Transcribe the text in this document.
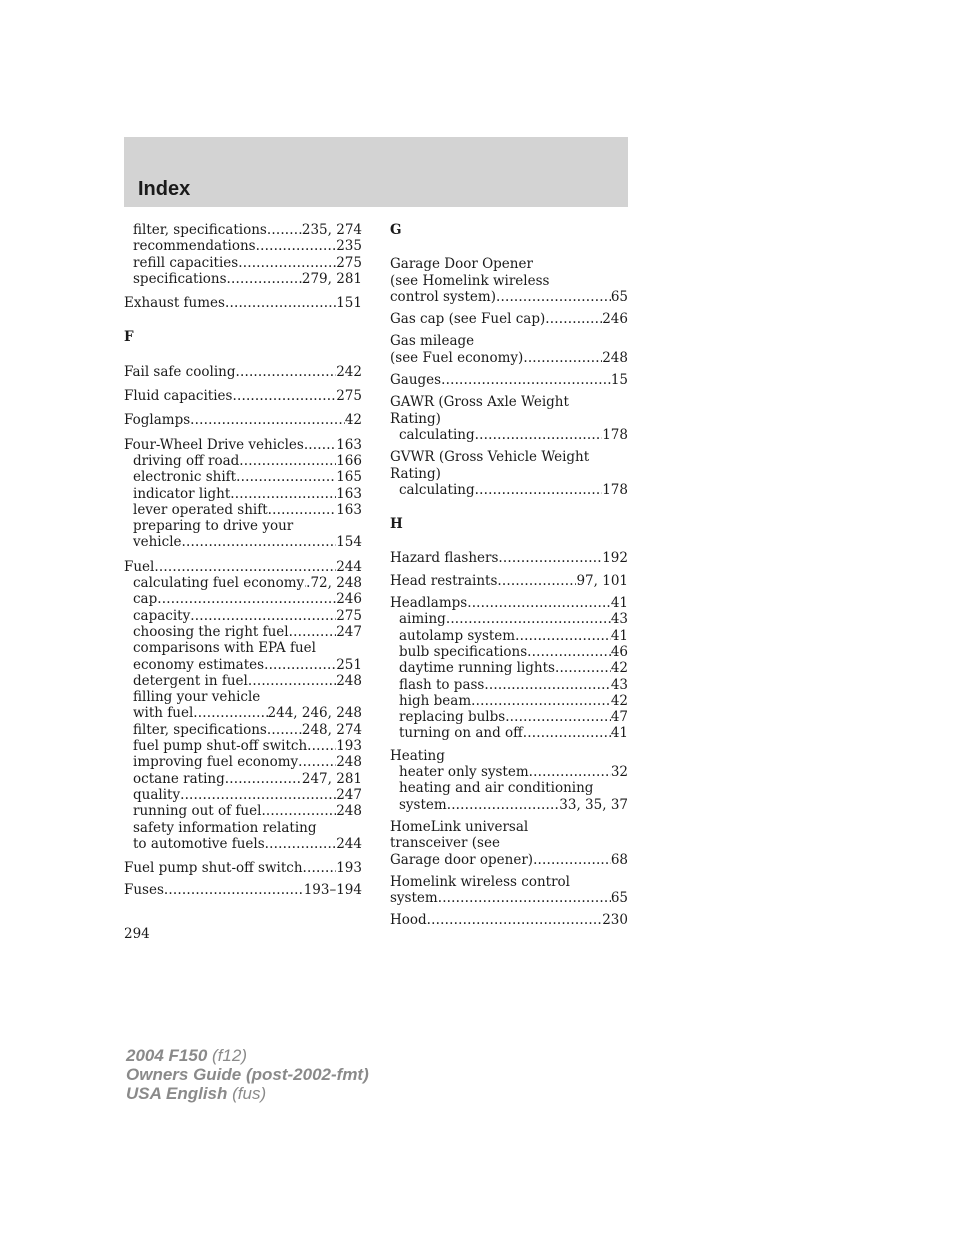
Index
filter, specifications .....	235, 274
recommendations .....	235
refill capacities .....	275
specifications .....	279, 281
Exhaust fumes .....	151
F
Fail safe cooling .....	242
Fluid capacities .....	275
Foglamps .....	42
Four-Wheel Drive vehicles ..... 163
driving off road .....	166
electronic shift .....	165
indicator light .....	163
lever operated shift .....	163
preparing to drive your
vehicle .....	154
Fuel .....	244
calculating fuel economy ..... .72, 248
cap .....	246
capacity .....	275
choosing the right fuel .....	247
comparisons with EPA fuel
economy estimates .....	251
detergent in fuel .....	248
filling your vehicle
with fuel .....	244, 246, 248
filter, specifications .....	248, 274
fuel pump shut-off switch ..... 193
improving fuel economy .....	248
octane rating .....	247, 281
quality .....	247
running out of fuel .....	248
safety information relating
to automotive fuels .....	244
Fuel pump shut-off switch ..... 193
Fuses .....	193–194
G
Garage Door Opener
(see Homelink wireless
control system) .....	65
Gas cap (see Fuel cap) .....	246
Gas mileage
(see Fuel economy) .....	248
Gauges .....	15
GAWR (Gross Axle Weight
Rating)
calculating .....	178
GVWR (Gross Vehicle Weight
Rating)
calculating .....	178
H
Hazard flashers .....	192
Head restraints .....	97, 101
Headlamps .....	41
aiming .....	43
autolamp system .....	41
bulb specifications .....	46
daytime running lights .....	42
flash to pass .....	43
high beam .....	42
replacing bulbs .....	47
turning on and off .....	41
Heating
heater only system .....	32
heating and air conditioning
system .....	33, 35, 37
HomeLink universal
transceiver (see
Garage door opener) .....	68
Homelink wireless control
system .....	65
Hood .....	230
294
2004 F150 (f12)
Owners Guide (post-2002-fmt)
USA English (fus)
